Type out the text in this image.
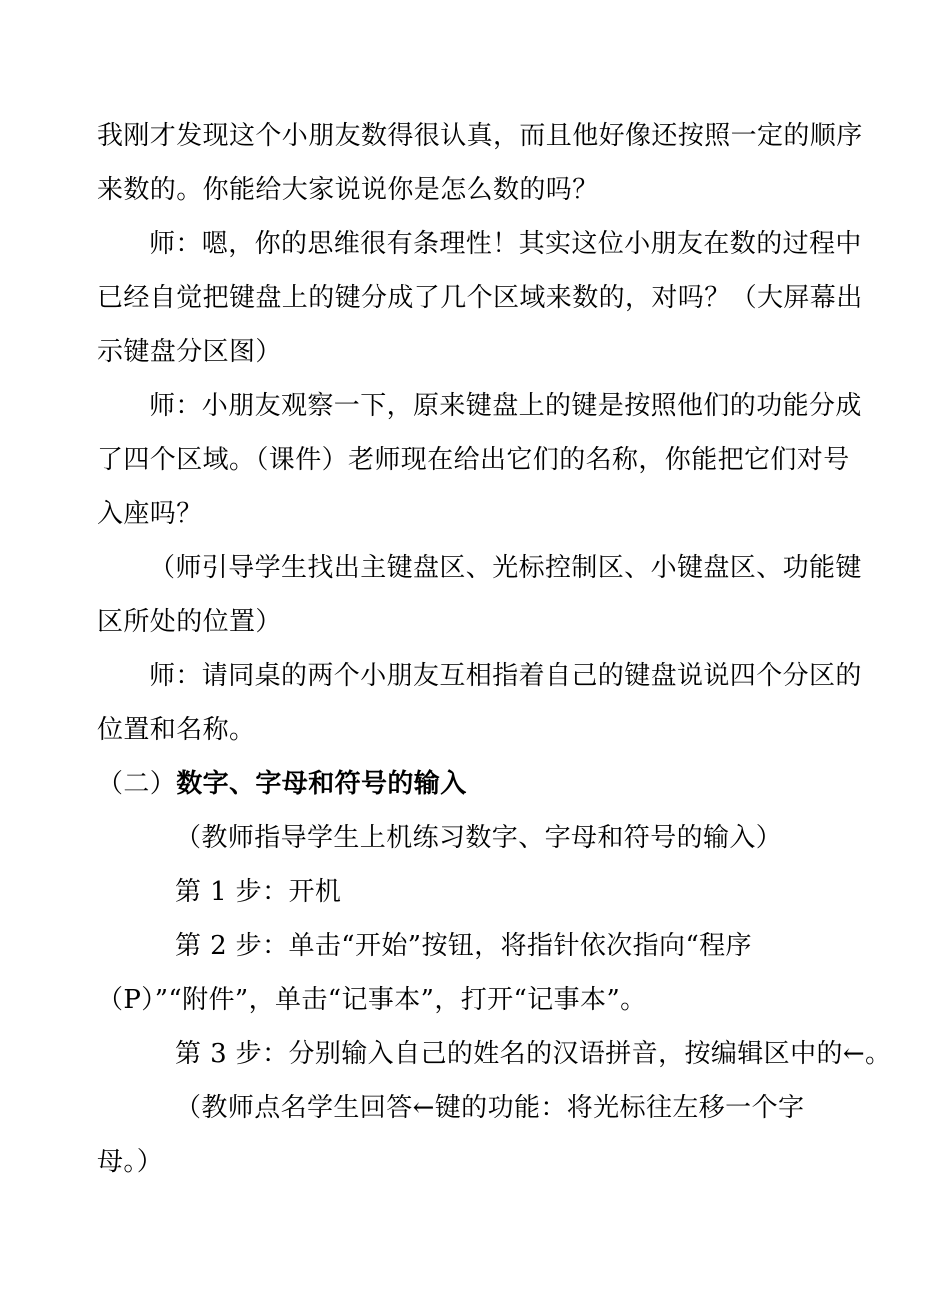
我刚才发现这个小朋友数得很认真，而且他好像还按照一定的顺序

来数的。你能给大家说说你是怎么数的吗？

师：嗯，你的思维很有条理性！其实这位小朋友在数的过程中

已经自觉把键盘上的键分成了几个区域来数的，对吗？（大屏幕出

示键盘分区图）

师：小朋友观察一下，原来键盘上的键是按照他们的功能分成

了四个区域。（课件）老师现在给出它们的名称，你能把它们对号

入座吗？

（师引导学生找出主键盘区、光标控制区、小键盘区、功能键

区所处的位置）

师：请同桌的两个小朋友互相指着自己的键盘说说四个分区的

位置和名称。

（二）数字、字母和符号的输入

（教师指导学生上机练习数字、字母和符号的输入）

第 1 步：开机

第 2 步：单击“开始”按钮，将指针依次指向“程序

（P）”“附件”，单击“记事本”，打开“记事本”。

第 3 步：分别输入自己的姓名的汉语拼音，按编辑区中的←。

（教师点名学生回答←键的功能：将光标往左移一个字

母。）
